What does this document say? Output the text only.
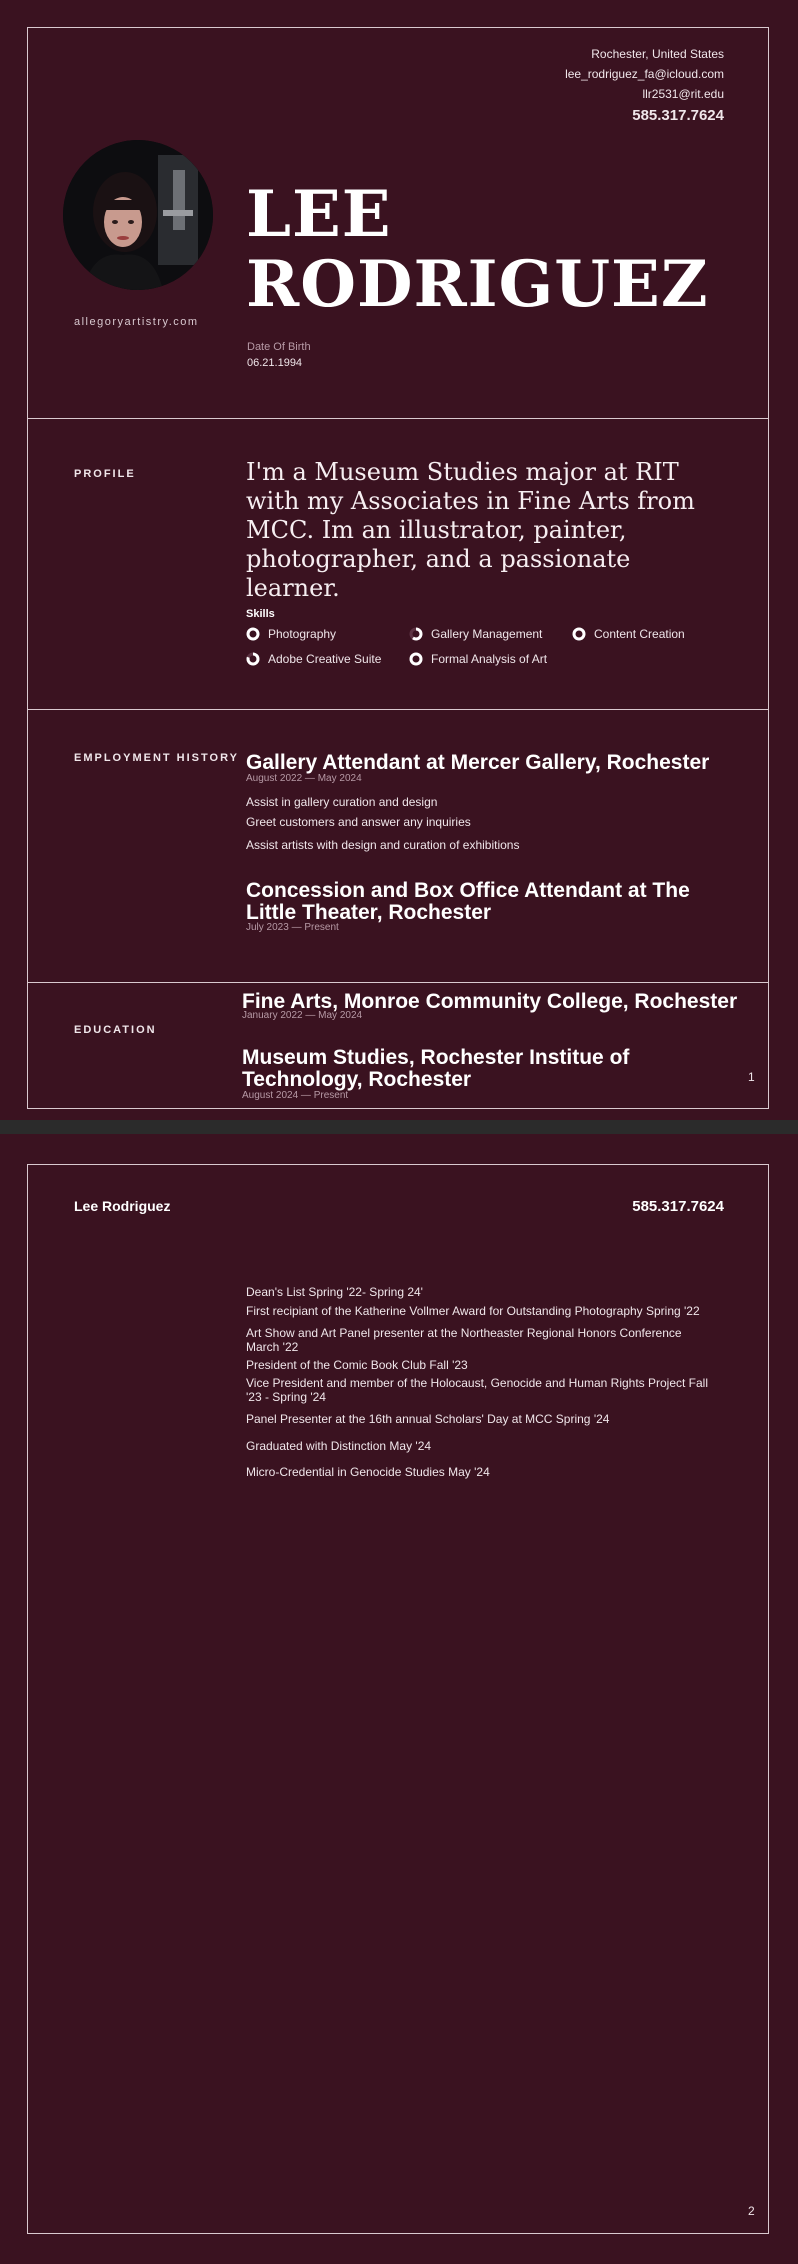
Rochester, United States
lee_rodriguez_fa@icloud.com
llr2531@rit.edu
585.317.7624
allegoryartistry.com
LEE
RODRIGUEZ
Date Of Birth
06.21.1994
PROFILE	I'm a Museum Studies major at RIT with my Associates in Fine Arts from MCC. Im an illustrator, painter, photographer, and a passionate learner.
Skills
Photography	Gallery Management	Content Creation
Adobe Creative Suite	Formal Analysis of Art
EMPLOYMENT HISTORY Gallery Attendant at Mercer Gallery, Rochester
August 2022 — May 2024
Assist in gallery curation and design
Greet customers and answer any inquiries
Assist artists with design and curation of exhibitions
Concession and Box Office Attendant at The Little Theater, Rochester
July 2023 — Present
EDUCATION
Fine Arts, Monroe Community College, Rochester
January 2022 — May 2024
Museum Studies, Rochester Institue of Technology, Rochester
August 2024 — Present
1
Lee Rodriguez	585.317.7624
Dean's List Spring '22- Spring 24'
First recipiant of the Katherine Vollmer Award for Outstanding Photography Spring '22
Art Show and Art Panel presenter at the Northeaster Regional Honors Conference March '22
President of the Comic Book Club Fall '23
Vice President and member of the Holocaust, Genocide and Human Rights Project Fall '23 - Spring '24
Panel Presenter at the 16th annual Scholars' Day at MCC Spring '24
Graduated with Distinction May '24
Micro-Credential in Genocide Studies May '24
2
